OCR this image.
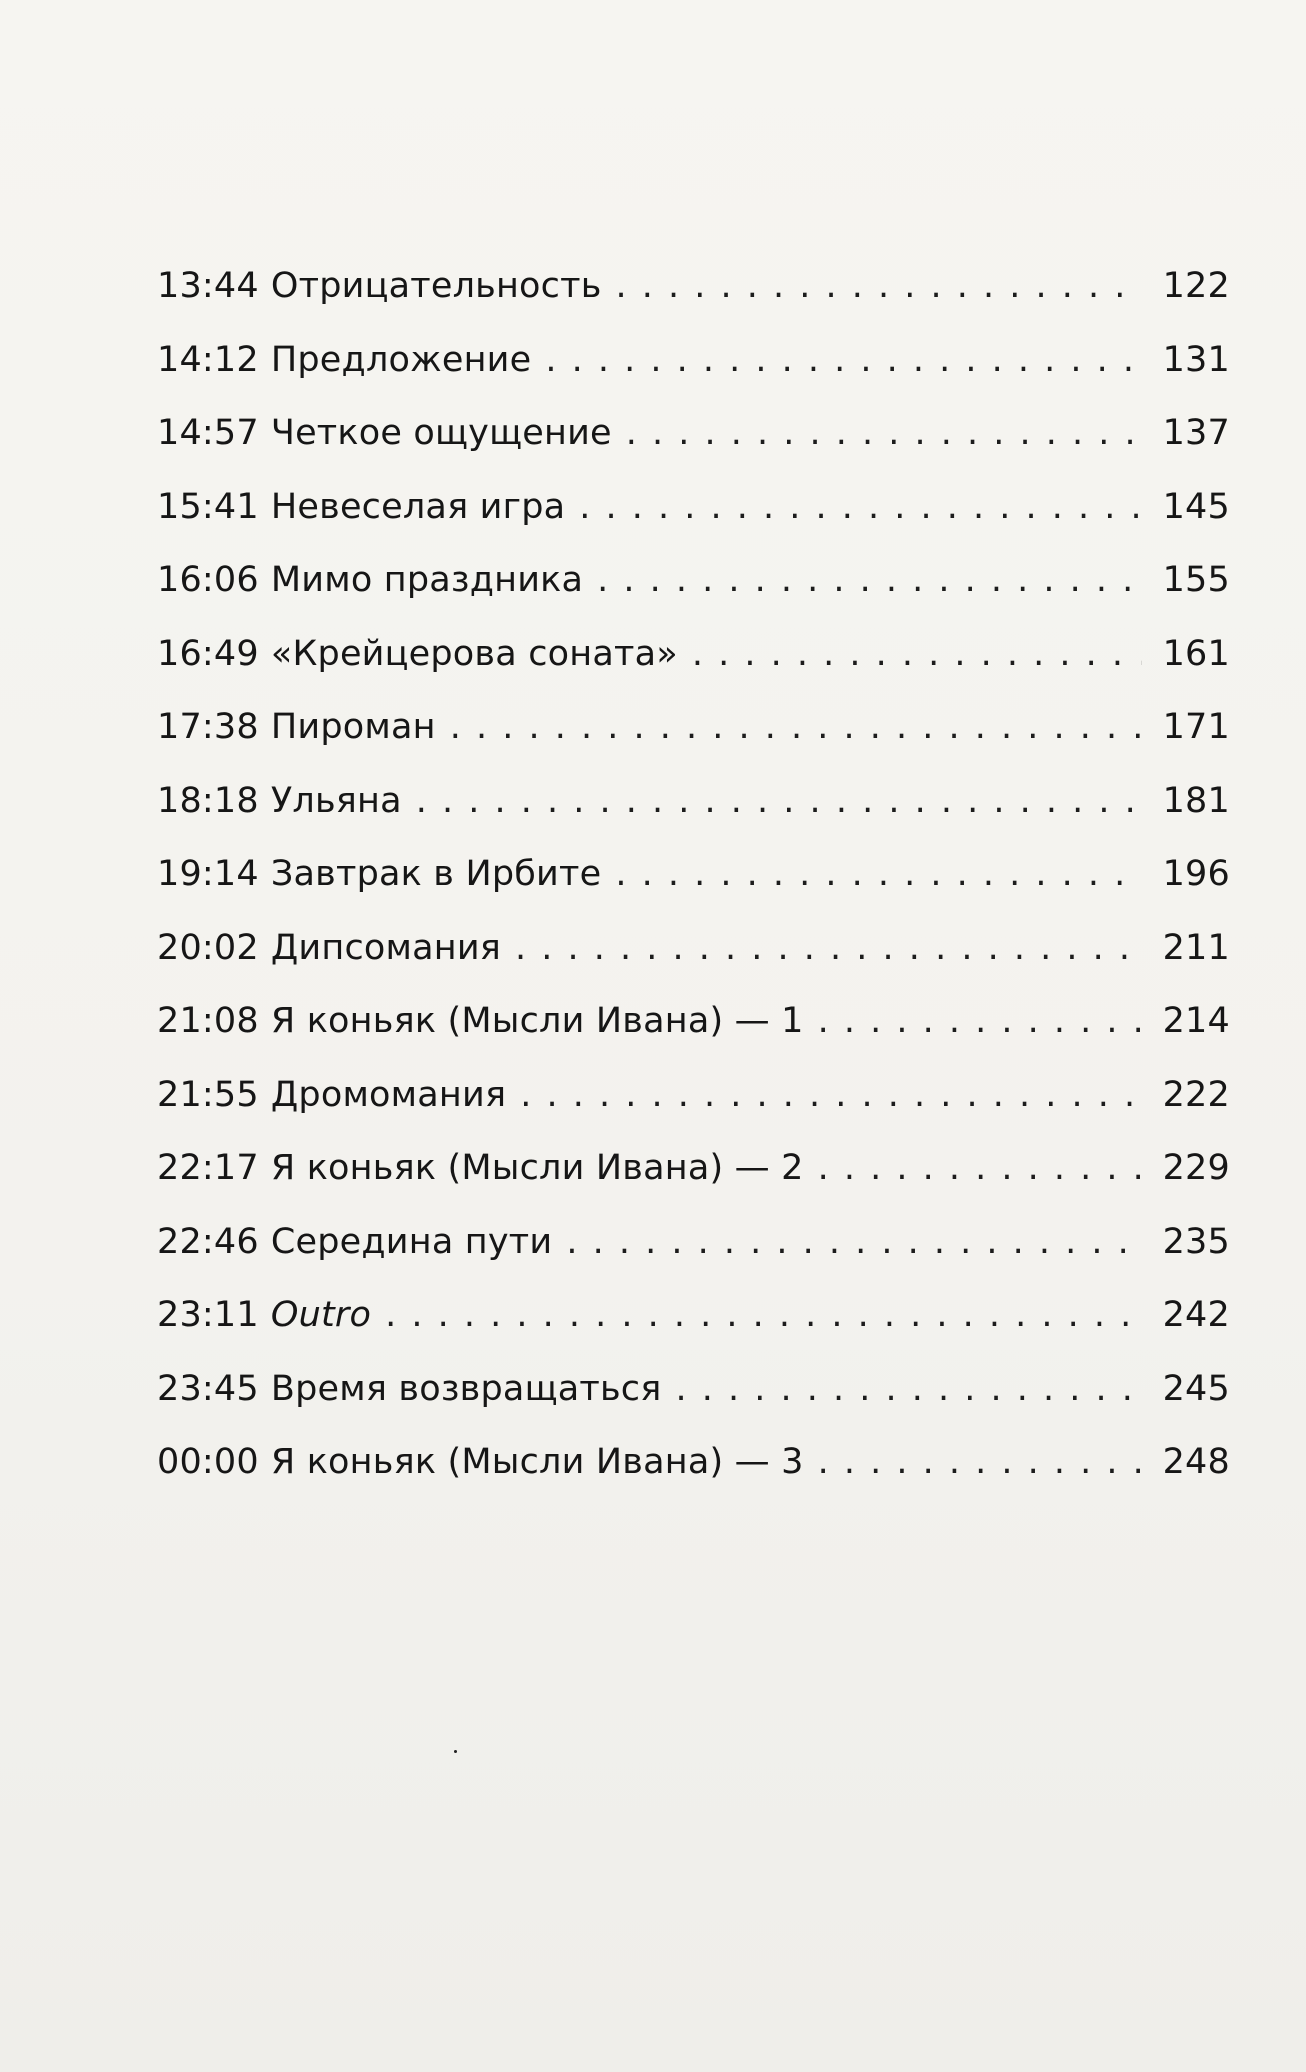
13:44 Отрицательность . . .	122
14:12 Предложение . . .	131
14:57 Четкое ощущение . . .	137
15:41 Невеселая игра . . .	145
16:06 Мимо праздника . . .	155
16:49 «Крейцерова соната» . . .	161
17:38 Пироман . . .	171
18:18 Ульяна . . .	181
19:14 Завтрак в Ирбите . . .	196
20:02 Дипсомания . . .	211
21:08 Я коньяк (Мысли Ивана) — 1 . . .	214
21:55 Дромомания . . .	222
22:17 Я коньяк (Мысли Ивана) — 2 . . .	229
22:46 Середина пути . . .	235
23:11 Outro . . .	242
23:45 Время возвращаться . . .	245
00:00 Я коньяк (Мысли Ивана) — 3 . . .	248
